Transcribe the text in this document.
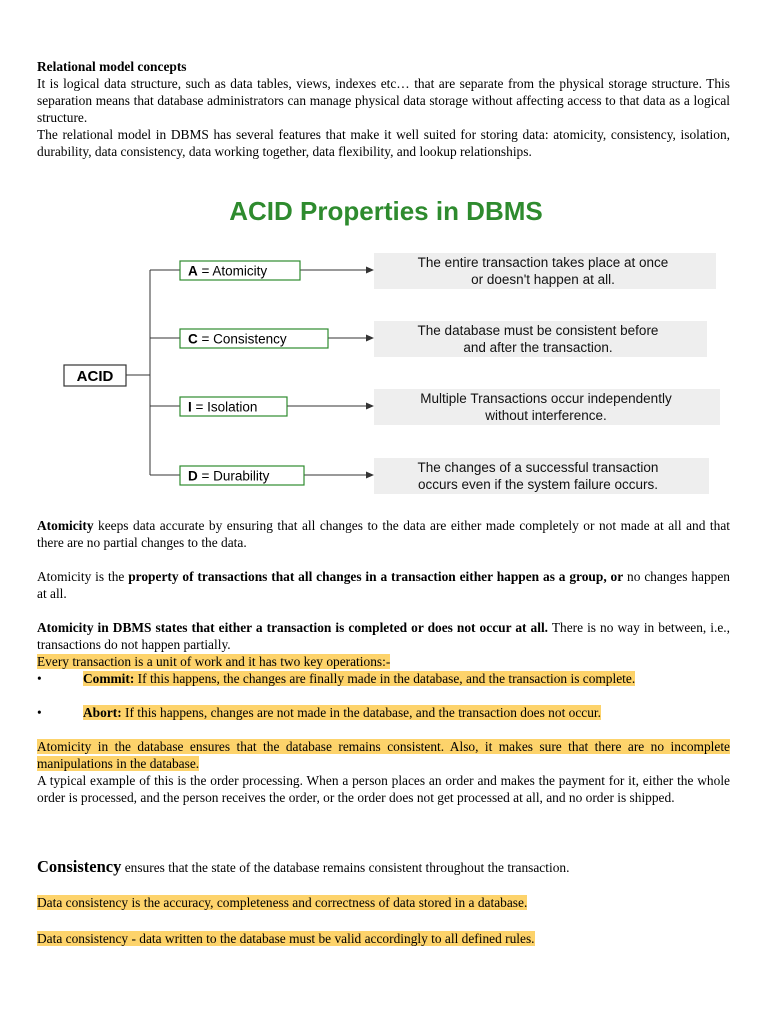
Relational model concepts

It is logical data structure, such as data tables, views, indexes etc… that are separate from the physical storage structure. This separation means that database administrators can manage physical data storage without affecting access to that data as a logical structure.

The relational model in DBMS has several features that make it well suited for storing data: atomicity, consistency, isolation, durability, data consistency, data working together, data flexibility, and lookup relationships.

ACID Properties in DBMS
ACID
A = Atomicity
The entire transaction takes place at once
or doesn't happen at all.
C = Consistency
The database must be consistent before
and after the transaction.
I = Isolation
Multiple Transactions occur independently
without interference.
D = Durability
The changes of a successful transaction
occurs even if the system failure occurs.

Atomicity keeps data accurate by ensuring that all changes to the data are either made completely or not made at all and that there are no partial changes to the data.

Atomicity is the property of transactions that all changes in a transaction either happen as a group, or no changes happen at all.

Atomicity in DBMS states that either a transaction is completed or does not occur at all. There is no way in between, i.e., transactions do not happen partially.

Every transaction is a unit of work and it has two key operations:-

•	Commit: If this happens, the changes are finally made in the database, and the transaction is complete.
•	Abort: If this happens, changes are not made in the database, and the transaction does not occur.

Atomicity in the database ensures that the database remains consistent. Also, it makes sure that there are no incomplete manipulations in the database.

A typical example of this is the order processing. When a person places an order and makes the payment for it, either the whole order is processed, and the person receives the order, or the order does not get processed at all, and no order is shipped.

Consistency ensures that the state of the database remains consistent throughout the transaction.

Data consistency is the accuracy, completeness and correctness of data stored in a database.

Data consistency - data written to the database must be valid accordingly to all defined rules.
